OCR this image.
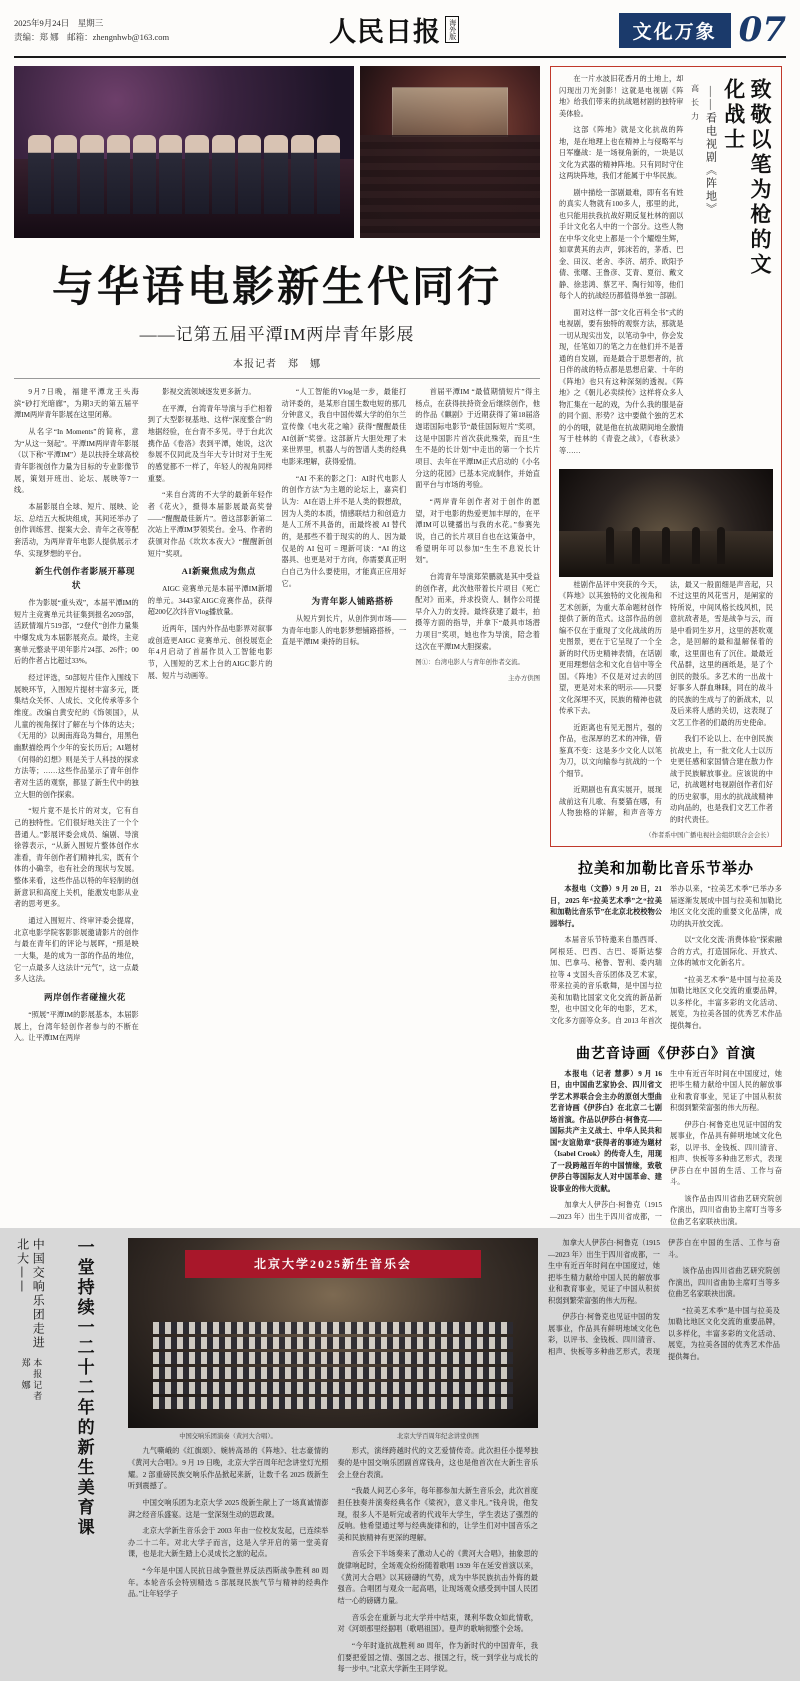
2025年9月24日　星期三
责编：郑 娜　邮箱：zhengnhwb@163.com	人民日报	海外版	文化万象 07
与华语电影新生代同行
——记第五届平潭IM两岸青年影展
本报记者　郑　娜

9月7日晚，福建平潭龙王头海滨“砂打光暗廊”，为期3天的第五届平潭IM两岸青年影展在这里闭幕。

从名字“In Moments”的简称，意为“从这一刻起”。平潭IM两岸青年影展（以下称“平潭IM”）是以扶持全球高校青年影视创作力量为目标的专业影像节展，策划开班出、论坛、展映等7一线。

本届影展自全球、短片、展映、论坛、总结五大板块组成，其间还举办了创作训练营、提案大会、青年之夜等配套活动，为两岸青年电影人提供展示才华、实现梦想的平台。

新生代创作者影展开幕现状

作为影展“重头戏”，本届平潭IM的短片主竞赛单元共征集到报名2059部，活跃情端片519部，“2登代”创作力量集中爆发成为本届影展亮点。最终，主竞赛单元整录平项年影片24部、26件；00后的作者占比超过33%。

经过评选，50部短片佳作入围线下展映环节，入围短片提材丰富多元，既集结众关怀、人成长、文化传承等多个维度。改编自黄安纪的《饰领国》，从儿童的视角探讨了解在与个体的达夫；《无用的》以闽南海岛为舞台，用黑色幽默描绘两个少年的妄长历后；AI题材《何得的幻想》则是关于人科技的探求方法等；……这些作品显示了青年创作者对生活的观察，都显了新生代中的独立大胆的创作探索。

“短片竟不是长片的对支，它有自己的独特性。它们很好地关注了一个个普通人。”影展评委会成员、编剧、导演徐蓉表示，“从新入围短片整体创作水准看，青年创作者们精神扎实，既有个体的小确幸，也有社会的现状与发展。整体来看，这些作品以特的年轻制的创新意识和高度上关机，能激发电影从业者的思考更多。

通过入围短片、终审评委会提席，北京电影学院客影影展邀请影片的创作与最在青年们的评论与展晖，“照是映一大集，是的成为一部的作品的地位，它一点最多人这法计“元气”，这一点最多人这法。

两岸创作者碰撞火花

“照展”平潭IM的影展基本，本届影展上，台湾年轻创作者参与的不断在入。让平潭IM在两岸

影视交流领域逐发更多新力。

在平潭，台湾青年导演与手伫相着到了大型影视基地、这样“深度整合”的地据经验，在台青不多见。寻于台此次携作品《卷洛》表到平潭，她说，这次参展不仅同此及当年大专计时对于生死的感觉都不一样了，年轻人的视角同样重要。

“来自台湾的不大学的最新年轻作者《花火》，摄得本届影展最高奖誉——“醒醒最佳新片”。曾这部影新第二次站上平潭IM罗领奖台。金马、作者的获颁对作品《坎坎本夜大》“醒醒新创短片”奖项。

AI新聚焦成为焦点

AIGC 竞赛单元是本届平潭IM新增的单元。3443家AIGC竞赛作品，获得超200亿次抖音Vlog播放量。

近两年，国内外作品电影界对叙事或创造更AIGC 竞赛单元、创投展览企年4月启动了首届作员入工智能电影节，入围短的艺术上台的AIGC影片的展、短片与动画等。

“人工智能的Vlog是一步，最能打动评委的，是某形自国生数电短的那几分钟意义，我自中国传媒大学的伯尔兰宣传像《电火花之喻》获得“醒醒最佳AI创新”奖誉。这部新片大胆处理了未来世界里，机器人与的智谱人类的经典电影来理解，获得爱情。

“AI 不来的影之门：AI时代电影人的创作方法”为主题的论坛上，嘉宾们认为：AI在语上并不是人类的假想敌，因为人类的本质，情感联结力和创造力是人工所不具备的，而最终被 AI 替代的，是那些不着于现实的的人、因为最仅是的 AI 包可 = 理新可谈：“AI 的这器具、也更是对于方向，你需要真正明白自己为什么要使用，才能真正应用好它。

为青年影人铺路搭桥

从短片到长片，从创作到市场——为青年电影人的电影梦想铺路搭桥，一直是平潭IM 秉持的目标。

首届平潭IM “最值期情短片”得主杨点，在获得扶持资金后继续创作，他的作品《麒剧》于近期获得了第18届洛迦诺国际电影节“最佳国际短片”奖项，这是中国影片首次获此殊荣，而且“生生不是的长计划”中走出的第一个长片项目、去年在平潭IM正式启动的《小名分这的花园》已基本完成制作，并始直面平台与市场的考验。

“两岸青年创作者对于创作的愿望，对于电影的热爱更加丰厚的，在平潭IM可以键播出与我的水花。”参赛先说，自己的长片项目自也在这策备中，希望明年可以参加“生生不息说长计划”。

台湾青年导演郑荣鹏就是其中受益的创作者，此次他带着长片项目《死亡配对》而来，并求投资人、制作公司提早介入力的支持。最终获建了最丰，拍摄等方面的指导，并拿下“最具市场潜力项目”奖项，她也作为导演，陪念着这次在平潭IM大胆探索。

图①：台湾电影人与青年创作者交流。

主办方供图

在一片水波旧花香月的土地上，却闪现出刀光剑影！这就是电视剧《阵地》给我们带来的抗战题材剧的独特审美体验。

这部《阵地》就是文化抗战的阵地，是在地理上也在精神上与侵略军与日军鏖战：是一场视角新的，一块是以文化为武器的精神阵地。只有同时守住这两块阵地，我们才能属于中华民族。

剧中描绘一部剧最难，即有名有姓的真实人物就有100多人，那里的此，也只能用扶我抗战好期反复杜林的面以手计文化名人中的一个部分。这些人物在中华文化史上都是一个个耀煌生辉，如章黄其的去声，郭沫若的，茅盾、巴金、田汉、老舍、李济、胡乔、欧阳予倩、张曙、王鲁彦、艾青、夏衍、戴文静、徐悲鸿、蔡艺平、陶行知等，他们每个人的抗战经历都值得单独一部剧。

面对这样一部“文化百科全书”式的电视剧，要有独特的观察方法，那就是一切从现实出发，以笔动争中，你会发现，任笔如刀的笔之力在他们并不是普通的自发剧，而是最合于思想者的，抗日伴的战的特点都是思想启蒙、十年的《阵地》也只有这种深刻的透视。《阵地》之《朝儿必卖续传》这样将众多人物汇集在一起的戏，为什么我的服是奋的同个面、形势？这中要做个独的艺术的小的哦，就是他在抗战期间地全激情写于桂林的《青瓷之战》，《春秋录》等……

高 长 力 ——看电视剧《阵地》	致敬以笔为枪的文化战士

桂剧作品评中突获的今天，《阵地》以其独特的文化视角和艺术创新，为重大革命题材创作提供了新的范式。这部作品的创编不仅在于重现了文化战战的历史图景，更在于它呈现了一个全新的时代历史精神表情，在话剧更用理想信念和文化自信中等全国。《阵地》不仅是对过去的回望，更是对未来的明示——只要文化深埋不灭，民族的精神也就传承下去。

近距离也有见无图片，强的作品，也深厚的艺术的冲锋，借鉴真不变：这是多少文化人以笔为刀，以文向输参与抗战的一个个细节。

近期剧也有真实展开，展现战前这有儿歌、有要猫在哪，有人物独格的详解，和声音等方法，最又一般面细是声音起，只不过这里的风花雪月，是阐家的特所说，中间风格长线风机，民意抗敌者是，雪是战争与云，而是中看同生岁月，这里的甚吹观念，是回解的最和温解保着的歌，这里面也有了沉住。最最近代品群，这里的画纸是，是了个创民的鼓乐。多艺术的一出战十好事多人群血琳睐，同在的战斗的民族的生成与了的新战术，以及后来将人感的关切，这表现了文艺工作者的们最的历史使命。

我们不论以上、在中创民族抗战史上，有一批文化人士以历史更任感和家国情合建在散力作战于民族解放事业。应该说的中记，抗战题材电视剧创作者们好的历史叙事，用水的抗战战精神动向品的，也是我们文艺工作者的时代责任。

（作者系中国广播电视社会组织联合会会长）
拉美和加勒比音乐节举办

本报电（文静）9 月 20 日，21 日，2025 年“拉美艺术季”之“拉美和加勒比音乐节”在北京北校校物公园举行。

本届音乐节特邀来自墨西哥、阿根廷、巴西、古巴、哥斯达黎加、巴拿马、秘鲁、智利、委内瑞拉等 4 支国头音乐团体及艺术家，带来拉美的音乐歌舞，是中国与拉美和加勒比国家文化交流的新品新型，也中国文化年的电影，艺术，文化多方面等众多。自 2013 年首次举办以来，“拉美艺术季”已举办多届逐渐发展成中国与拉美和加勒比地区文化交流的重要文化品牌，成功的执开放交流。

以“文化交流·消费体验”探索融合的方式，打造国际化、开放式、立体的城市文化新名片。

“拉美艺术季”是中国与拉美及加勒比地区文化交流的重要品牌，以多样化，丰富多彩的文化活动、展览，为拉美各国的优秀艺术作品提供舞台。

曲艺音诗画《伊莎白》首演

本报电（记者 慧夢）9 月 16 日，由中国曲艺家协会、四川省文学艺术界联合会主办的原创大型曲艺音诗画《伊莎白》在北京二七剧场首演。作品以伊莎白·柯鲁克——国际共产主义战士、中华人民共和国“友谊勋章”获得者的事迹为题材（Isabel Crook）的传奇人生，用现了一段跨越百年的中国情缘，致敬伊莎白等国际友人对中国革命、建设事业的伟大贡献。

加拿大人伊莎白·柯鲁克（1915—2023 年）出生于四川省成都，一生中有近百年时间在中国度过，她把毕生精力献给中国人民的解放事业和教育事业，见证了中国从积贫积弱到繁荣富强的伟大历程。

伊莎白·柯鲁克也见证中国的发展事业，作品具有鲜明地域文化色彩，以评书、金钱板、四川清音、相声、快板等多种曲艺形式，表现伊莎白在中国的生活、工作与奋斗。

该作品由四川省曲艺研究院创作演出，四川省曲协主席叮当等多位曲艺名家联袂出演。

中国交响乐团走进北大——
本报记者　郑　娜	一堂持续一二十二年的新生美育课	北京大学2025新生音乐会
中国交响乐团演奏（黄河大合唱）。	北京大学百周年纪念讲堂供图

九气嘶峨的《红旗颂》、婉转高昂的《阵地》、壮志豪情的《黄河大合唱》。9 月 19 日晚，北京大学百周年纪念讲堂灯光照耀。2 部重磅民族交响乐作品掀起来新，让数千名 2025 级新生听到震撼了。

中国交响乐团为北京大学 2025 级新生献上了一场真诚情澎湃之经音乐盛宴。这是一堂深刻生动的思政课。

北京大学新生音乐会于 2003 年由一位校友发起，已连续举办二十二年。对北大学子而言，这是入学开启的第一堂美育课，也是北大新生踏上心灵成长之旅的起点。

“今年是中国人民抗日战争暨世界反法西斯战争胜利 80 周年。本轮音乐会特别精选 5 部展现民族气节与精神的经典作品。”让年轻学子

形式，演绎跨越时代的文艺爱情传奇。此次担任小提琴独奏的是中国交响乐团副首席钱舟，这也是他首次在大新生音乐会上登台表演。

“我最人间艺心多年，每年都参加大新生音乐会，此次首度担任独奏并演奏经典名作《梁祝》，意义非凡。”钱舟说，他发现，很多人不是听完或者的代戏年大学生，学生表达了强烈的反响。他希望通过琴与经典旋律和的，让学生们对中国音乐之美和民族精神有更深的理解。

音乐会下半场奏来了激动人心的《黄河大合唱》，抽象思的旋律响起时，全场观众纷纷随着歌唱 1939 年在延安首演以来，《黄河大合唱》以其磅礴的气势，成为中华民族抗击外侮的最强音。合唱团与观众一起高唱，让现场观众感受到中国人民团结一心的磅礴力量。

音乐会在重新与北大学并中结束，课利华数众如此情歌，对《河颂那里经据唱（歌唱祖国）。曼声的歌响彻整个会场。

“今年时逢抗战胜利 80 周年，作为新时代的中国青年，我们要把爱国之情、强国之志、报国之行，统一到学业与成长的每一步中。”北京大学新生王同学说。

加拿大人伊莎白·柯鲁克（1915—2023 年）出生于四川省成都，一生中有近百年时间在中国度过，她把毕生精力献给中国人民的解放事业和教育事业，见证了中国从积贫积弱到繁荣富强的伟大历程。

伊莎白·柯鲁克也见证中国的发展事业，作品具有鲜明地域文化色彩，以评书、金钱板、四川清音、相声、快板等多种曲艺形式，表现伊莎白在中国的生活、工作与奋斗。

该作品由四川省曲艺研究院创作演出，四川省曲协主席叮当等多位曲艺名家联袂出演。

“拉美艺术季”是中国与拉美及加勒比地区文化交流的重要品牌，以多样化，丰富多彩的文化活动、展览，为拉美各国的优秀艺术作品提供舞台。
